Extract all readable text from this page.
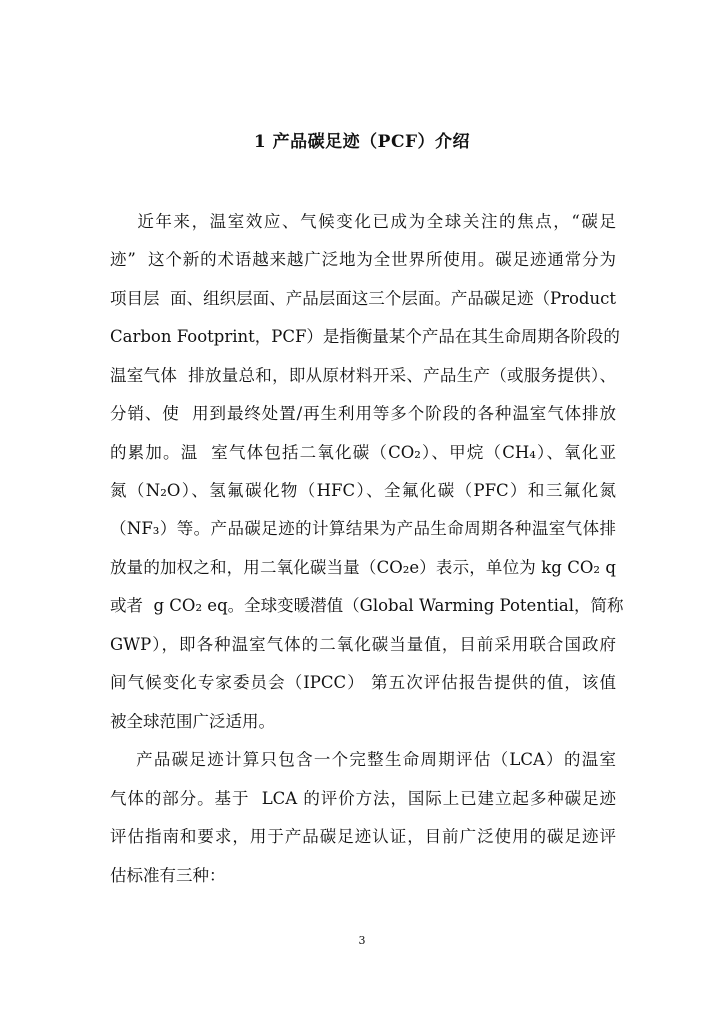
1 产品碳足迹（PCF）介绍
近年来，温室效应、气候变化已成为全球关注的焦点，“碳足
迹”  这个新的术语越来越广泛地为全世界所使用。碳足迹通常分为
项目层  面、组织层面、产品层面这三个层面。产品碳足迹（Product
Carbon Footprint，PCF）是指衡量某个产品在其生命周期各阶段的
温室气体  排放量总和，即从原材料开采、产品生产（或服务提供）、
分销、使  用到最终处置/再生利用等多个阶段的各种温室气体排放
的累加。温  室气体包括二氧化碳（CO₂）、甲烷（CH₄）、氧化亚
氮（N₂O）、氢氟碳化物（HFC）、全氟化碳（PFC）和三氟化氮
（NF₃）等。产品碳足迹的计算结果为产品生命周期各种温室气体排
放量的加权之和，用二氧化碳当量（CO₂e）表示，单位为 kg CO₂ q
或者  g CO₂ eq。全球变暖潜值（Global Warming Potential，简称
GWP），即各种温室气体的二氧化碳当量值，目前采用联合国政府
间气候变化专家委员会（IPCC） 第五次评估报告提供的值，该值
被全球范围广泛适用。
产品碳足迹计算只包含一个完整生命周期评估（LCA）的温室
气体的部分。基于  LCA 的评价方法，国际上已建立起多种碳足迹
评估指南和要求，用于产品碳足迹认证，目前广泛使用的碳足迹评
估标准有三种：
3
